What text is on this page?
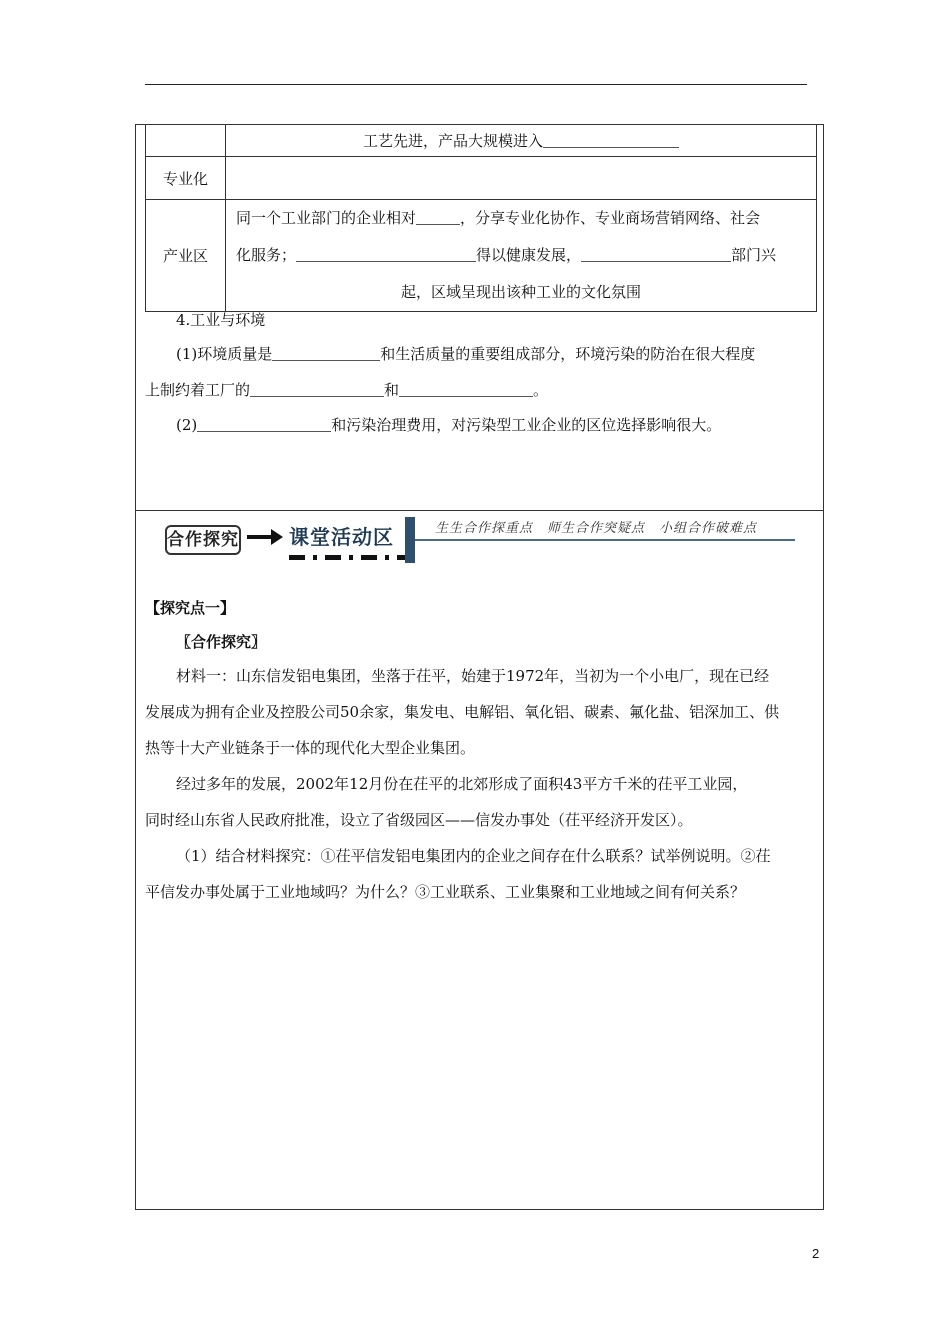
	工艺先进，产品大规模进入
专业化	
产业区	同一个工业部门的企业相对 ，分享专业化协作、专业商场营销网络、社会
化服务； 得以健康发展， 部门兴
起，区域呈现出该种工业的文化氛围
4.工业与环境
(1)环境质量是	和生活质量的重要组成部分，环境污染的防治在很大程度
上制约着工厂的	和	。
(2)	和污染治理费用，对污染型工业企业的区位选择影响很大。
合作探究	课堂活动区	生生合作探重点　师生合作突疑点　小组合作破难点
【探究点一】
〖合作探究〗
材料一：山东信发铝电集团，坐落于茌平，始建于1972年，当初为一个小电厂，现在已经
发展成为拥有企业及控股公司50余家，集发电、电解铝、氧化铝、碳素、氟化盐、铝深加工、供
热等十大产业链条于一体的现代化大型企业集团。
经过多年的发展，2002年12月份在茌平的北郊形成了面积43平方千米的茌平工业园，
同时经山东省人民政府批准，设立了省级园区——信发办事处（茌平经济开发区）。
（1）结合材料探究：①茌平信发铝电集团内的企业之间存在什么联系？试举例说明。②茌
平信发办事处属于工业地域吗？为什么？③工业联系、工业集聚和工业地域之间有何关系？
2
